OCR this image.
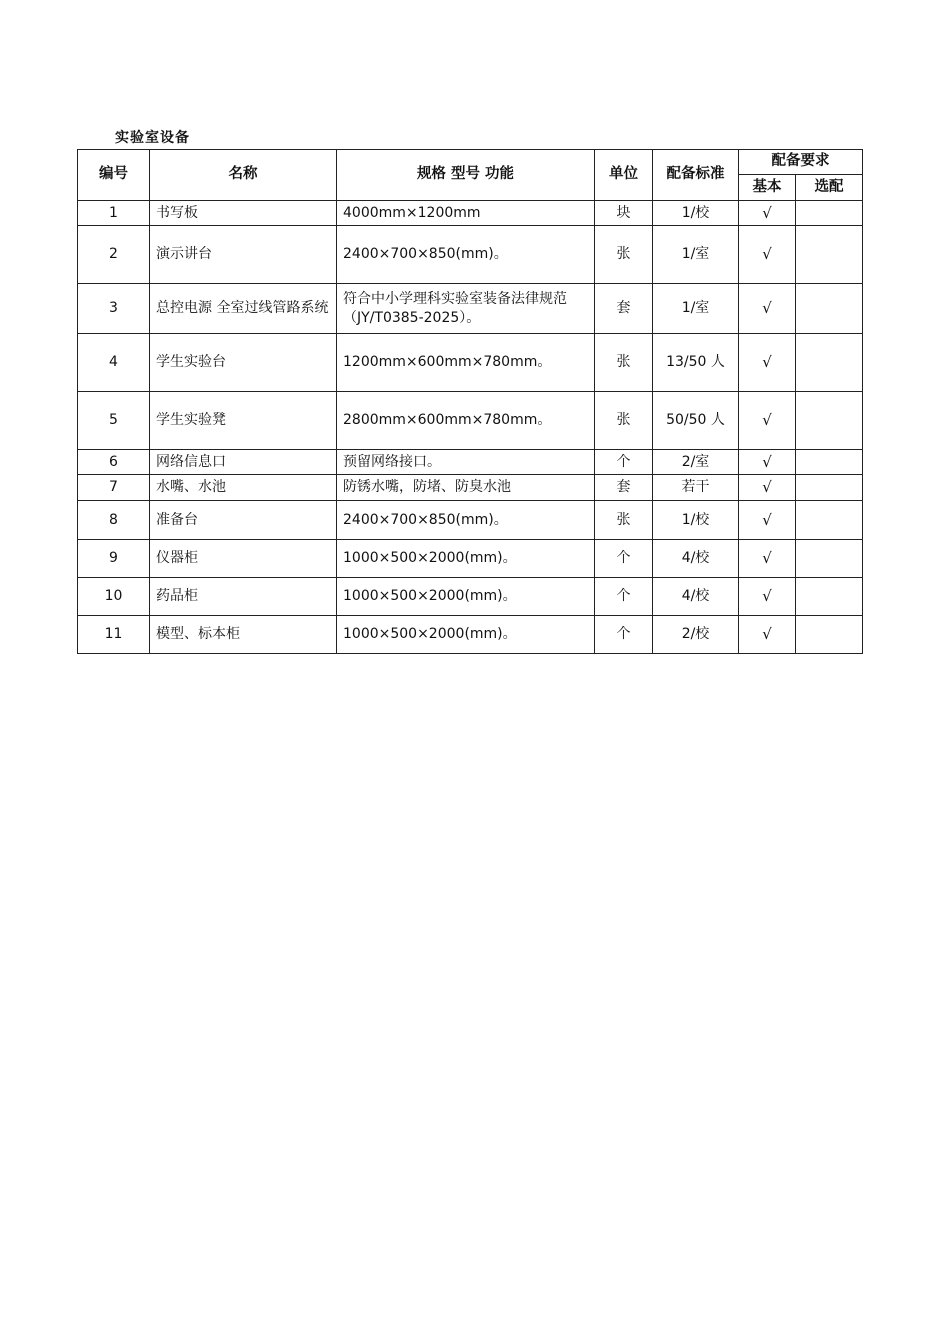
实验室设备
编号	名称	规格 型号 功能	单位	配备标准	配备要求	
					基本	选配
1	书写板	4000mm×1200mm	块	1/校	√	
2	演示讲台	2400×700×850(mm)。	张	1/室	√	
3	总控电源 全室过线管路系统	符合中小学理科实验室装备法律规范（JY/T0385-2025）。	套	1/室	√	
4	学生实验台	1200mm×600mm×780mm。	张	13/50 人	√	
5	学生实验凳	2800mm×600mm×780mm。	张	50/50 人	√	
6	网络信息口	预留网络接口。	个	2/室	√	
7	水嘴、水池	防锈水嘴，防堵、防臭水池	套	若干	√	
8	准备台	2400×700×850(mm)。	张	1/校	√	
9	仪器柜	1000×500×2000(mm)。	个	4/校	√	
10	药品柜	1000×500×2000(mm)。	个	4/校	√	
11	模型、标本柜	1000×500×2000(mm)。	个	2/校	√	
